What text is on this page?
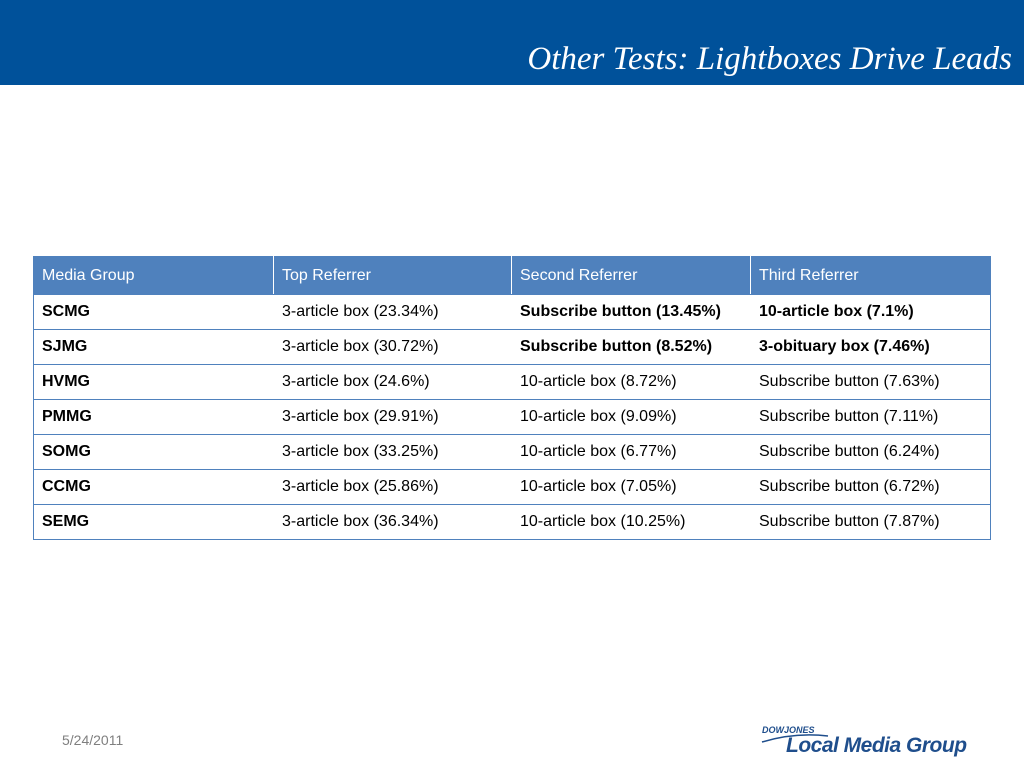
Other Tests: Lightboxes Drive Leads
Media Group	Top Referrer	Second Referrer	Third Referrer
SCMG	3-article box (23.34%)	Subscribe button (13.45%)	10-article box (7.1%)
SJMG	3-article box (30.72%)	Subscribe button (8.52%)	3-obituary box (7.46%)
HVMG	3-article box (24.6%)	10-article box (8.72%)	Subscribe button (7.63%)
PMMG	3-article box (29.91%)	10-article box (9.09%)	Subscribe button (7.11%)
SOMG	3-article box (33.25%)	10-article box (6.77%)	Subscribe button (6.24%)
CCMG	3-article box (25.86%)	10-article box (7.05%)	Subscribe button (6.72%)
SEMG	3-article box (36.34%)	10-article box (10.25%)	Subscribe button (7.87%)
5/24/2011
DOWJONES
Local Media Group
